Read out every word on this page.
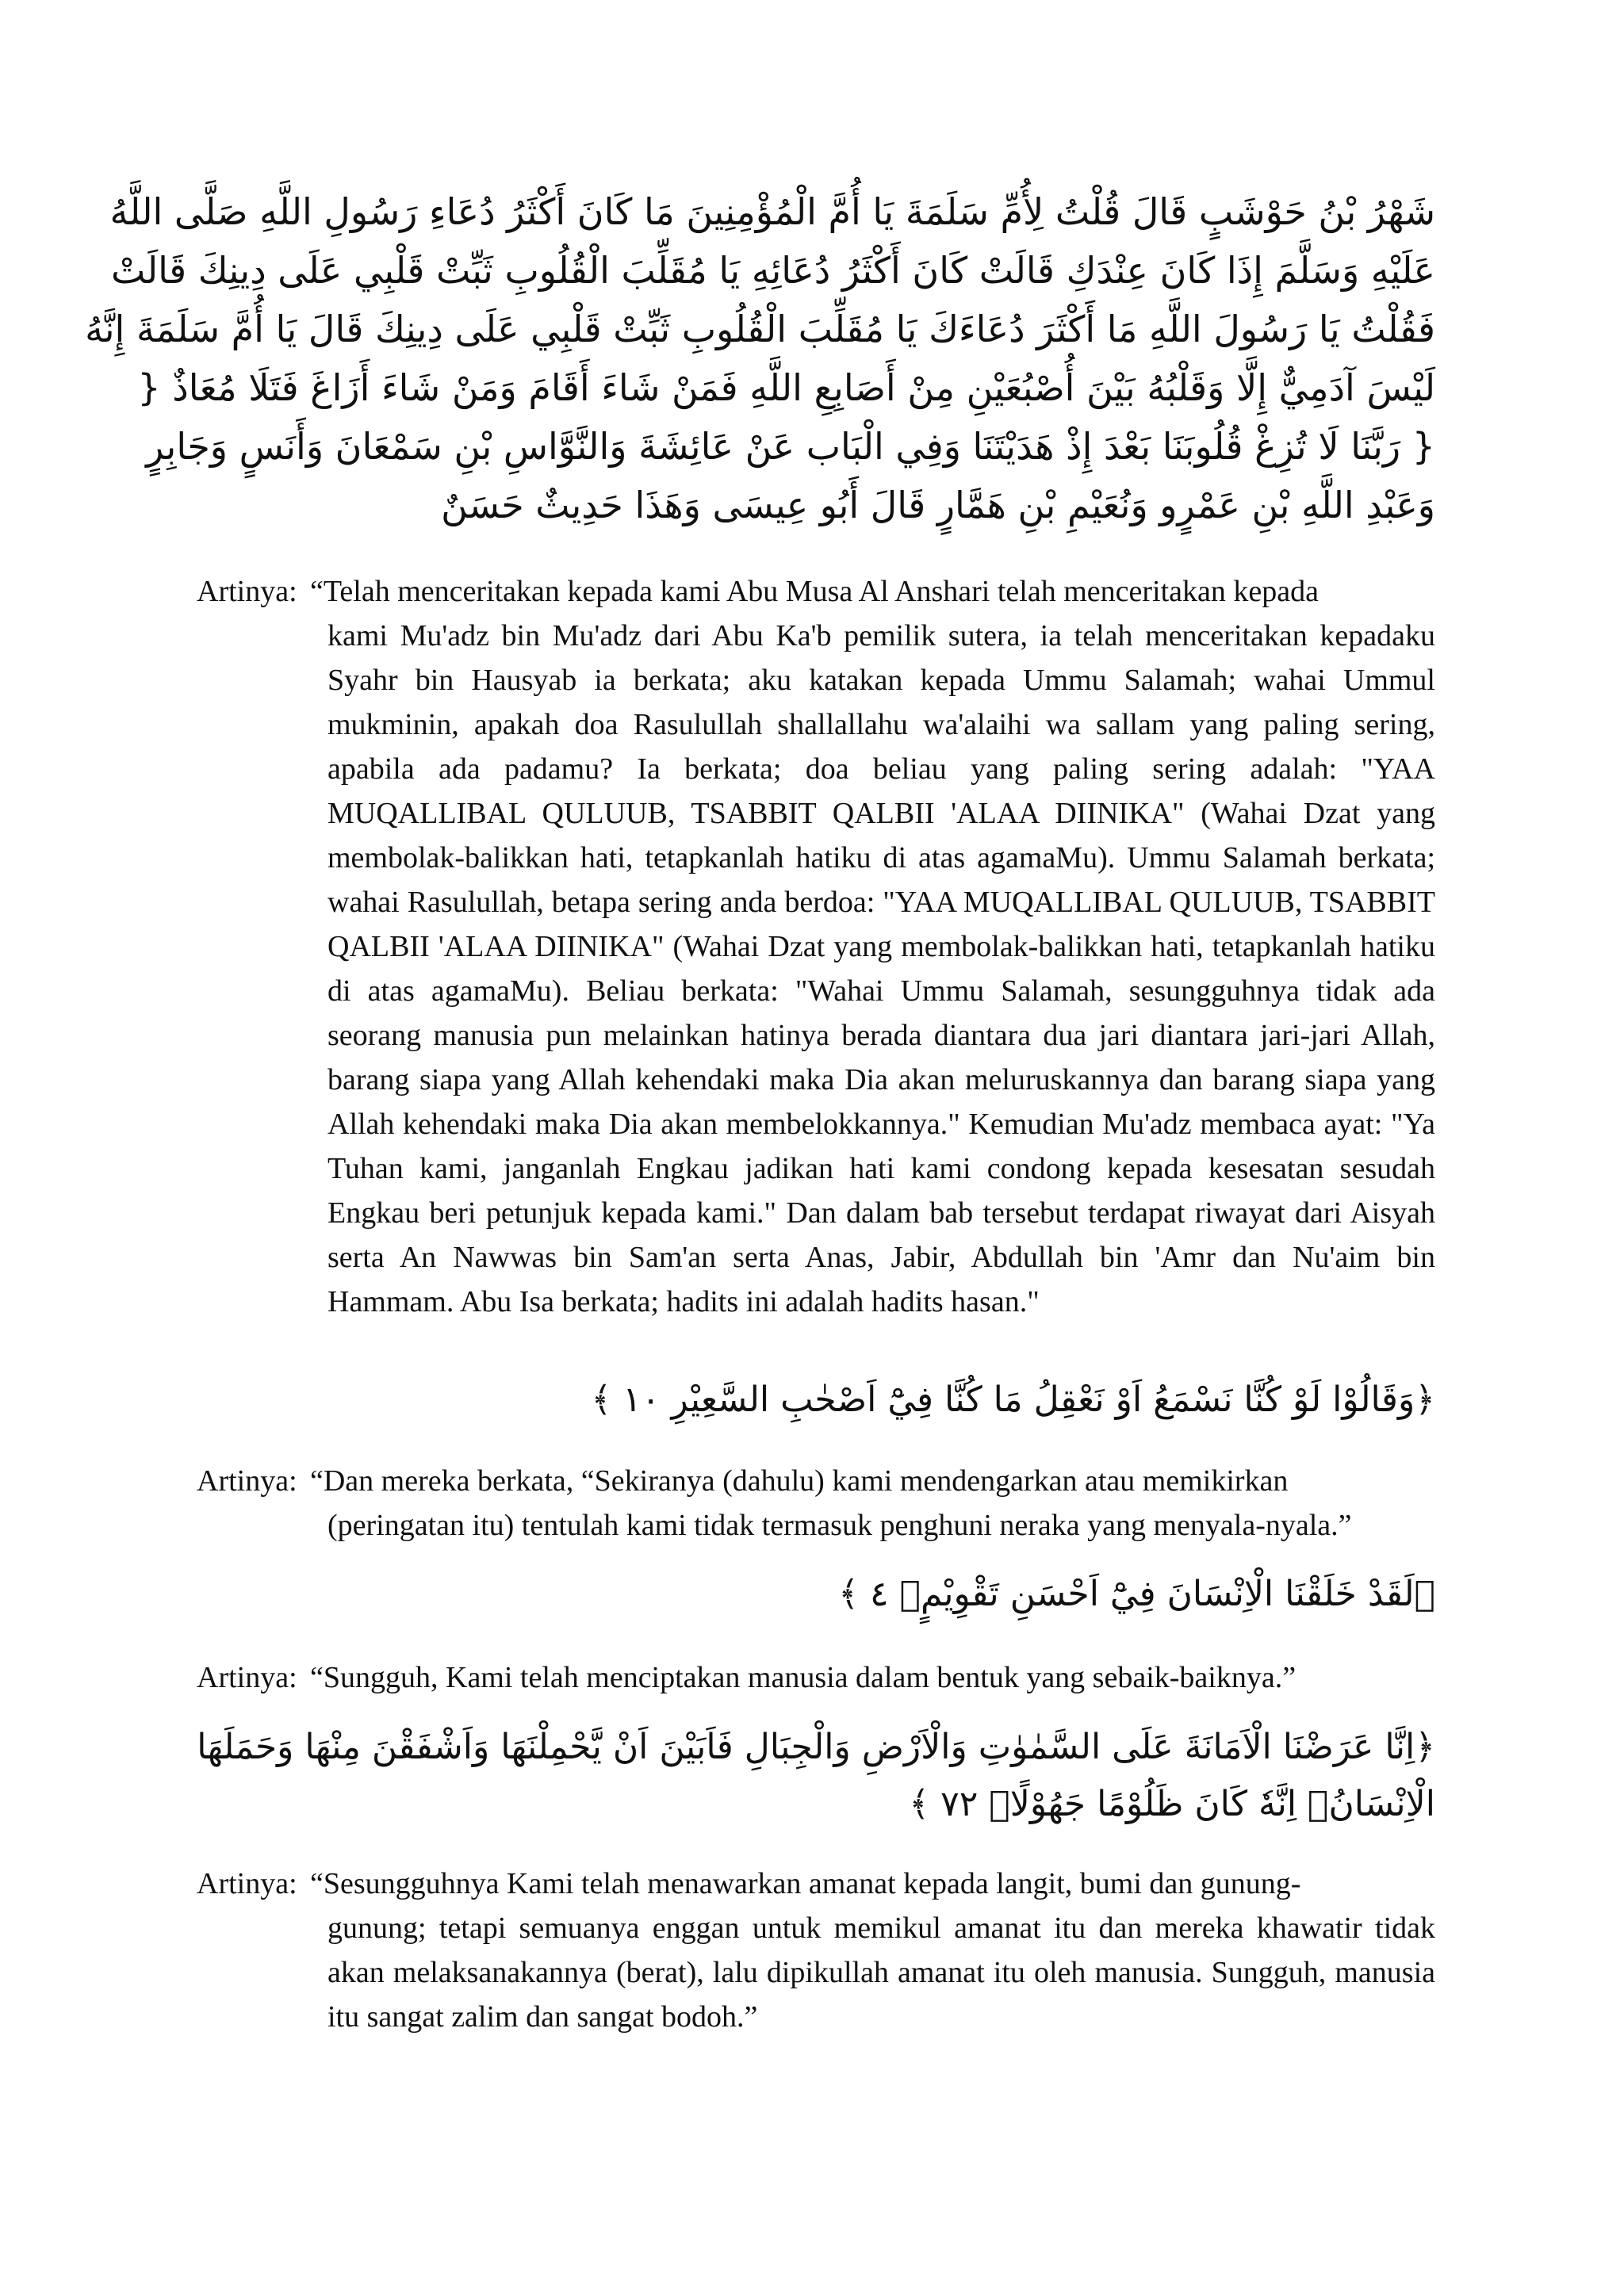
شَهْرُ بْنُ حَوْشَبٍ قَالَ قُلْتُ لِأُمِّ سَلَمَةَ يَا أُمَّ الْمُؤْمِنِينَ مَا كَانَ أَكْثَرُ دُعَاءِ رَسُولِ اللَّهِ صَلَّى اللَّهُ
عَلَيْهِ وَسَلَّمَ إِذَا كَانَ عِنْدَكِ قَالَتْ كَانَ أَكْثَرُ دُعَائِهِ يَا مُقَلِّبَ الْقُلُوبِ ثَبِّتْ قَلْبِي عَلَى دِينِكَ قَالَتْ
فَقُلْتُ يَا رَسُولَ اللَّهِ مَا أَكْثَرَ دُعَاءَكَ يَا مُقَلِّبَ الْقُلُوبِ ثَبِّتْ قَلْبِي عَلَى دِينِكَ قَالَ يَا أُمَّ سَلَمَةَ إِنَّهُ
لَيْسَ آدَمِيٌّ إِلَّا وَقَلْبُهُ بَيْنَ أُصْبُعَيْنِ مِنْ أَصَابِعِ اللَّهِ فَمَنْ شَاءَ أَقَامَ وَمَنْ شَاءَ أَزَاغَ فَتَلَا مُعَاذٌ {
{ رَبَّنَا لَا تُزِغْ قُلُوبَنَا بَعْدَ إِذْ هَدَيْتَنَا وَفِي الْبَاب عَنْ عَائِشَةَ وَالنَّوَّاسِ بْنِ سَمْعَانَ وَأَنَسٍ وَجَابِرٍ
وَعَبْدِ اللَّهِ بْنِ عَمْرٍو وَنُعَيْمِ بْنِ هَمَّارٍ قَالَ أَبُو عِيسَى وَهَذَا حَدِيثٌ حَسَنٌ
Artinya: “Telah menceritakan kepada kami Abu Musa Al Anshari telah menceritakan kepada
kami Mu'adz bin Mu'adz dari Abu Ka'b pemilik sutera, ia telah menceritakan kepadaku Syahr bin Hausyab ia berkata; aku katakan kepada Ummu Salamah; wahai Ummul mukminin, apakah doa Rasulullah shallallahu wa'alaihi wa sallam yang paling sering, apabila ada padamu? Ia berkata; doa beliau yang paling sering adalah: "YAA MUQALLIBAL QULUUB, TSABBIT QALBII 'ALAA DIINIKA" (Wahai Dzat yang membolak-balikkan hati, tetapkanlah hatiku di atas agamaMu). Ummu Salamah berkata; wahai Rasulullah, betapa sering anda berdoa: "YAA MUQALLIBAL QULUUB, TSABBIT QALBII 'ALAA DIINIKA" (Wahai Dzat yang membolak-balikkan hati, tetapkanlah hatiku di atas agamaMu). Beliau berkata: "Wahai Ummu Salamah, sesungguhnya tidak ada seorang manusia pun melainkan hatinya berada diantara dua jari diantara jari-jari Allah, barang siapa yang Allah kehendaki maka Dia akan meluruskannya dan barang siapa yang Allah kehendaki maka Dia akan membelokkannya." Kemudian Mu'adz membaca ayat: "Ya Tuhan kami, janganlah Engkau jadikan hati kami condong kepada kesesatan sesudah Engkau beri petunjuk kepada kami." Dan dalam bab tersebut terdapat riwayat dari Aisyah serta An Nawwas bin Sam'an serta Anas, Jabir, Abdullah bin 'Amr dan Nu'aim bin Hammam. Abu Isa berkata; hadits ini adalah hadits hasan."
﴿وَقَالُوْا لَوْ كُنَّا نَسْمَعُ اَوْ نَعْقِلُ مَا كُنَّا فِيْٓ اَصْحٰبِ السَّعِيْرِ ١٠ ﴾
Artinya: “Dan mereka berkata, “Sekiranya (dahulu) kami mendengarkan atau memikirkan
(peringatan itu) tentulah kami tidak termasuk penghuni neraka yang menyala-nyala.”
﴿لَقَدْ خَلَقْنَا الْاِنْسَانَ فِيْٓ اَحْسَنِ تَقْوِيْمٍۖ ٤ ﴾
Artinya: “Sungguh, Kami telah menciptakan manusia dalam bentuk yang sebaik-baiknya.”
﴿اِنَّا عَرَضْنَا الْاَمَانَةَ عَلَى السَّمٰوٰتِ وَالْاَرْضِ وَالْجِبَالِ فَاَبَيْنَ اَنْ يَّحْمِلْنَهَا وَاَشْفَقْنَ مِنْهَا وَحَمَلَهَا
الْاِنْسَانُۗ اِنَّهٗ كَانَ ظَلُوْمًا جَهُوْلًاۙ ٧٢ ﴾
Artinya: “Sesungguhnya Kami telah menawarkan amanat kepada langit, bumi dan gunung-
gunung; tetapi semuanya enggan untuk memikul amanat itu dan mereka khawatir tidak akan melaksanakannya (berat), lalu dipikullah amanat itu oleh manusia. Sungguh, manusia itu sangat zalim dan sangat bodoh.”
